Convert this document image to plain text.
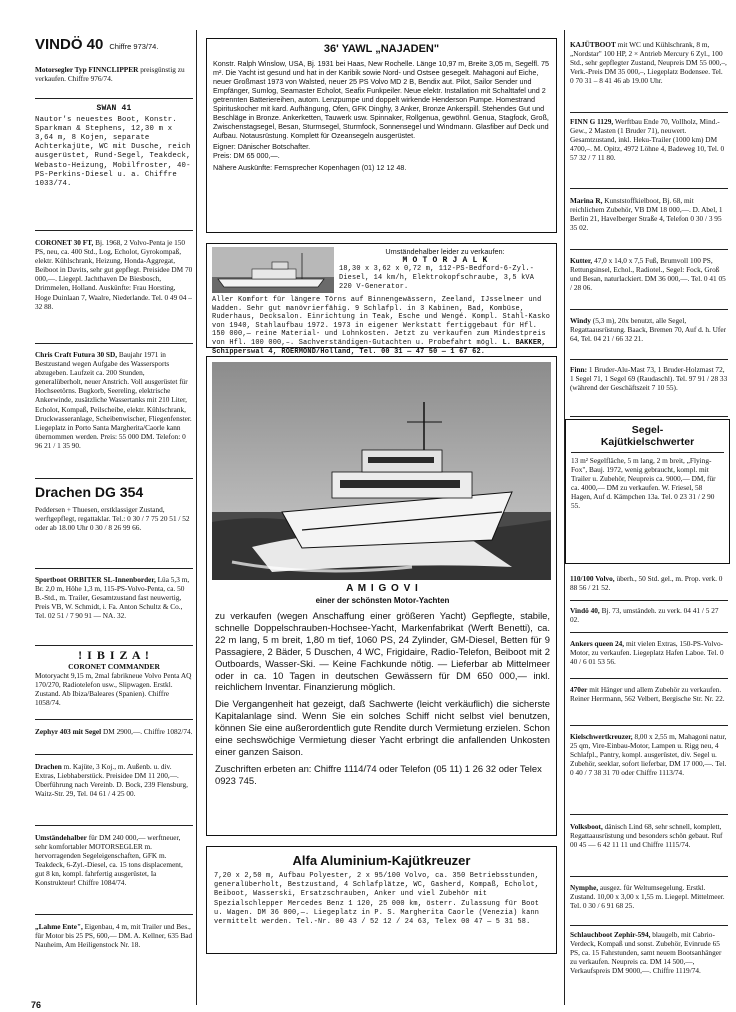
VINDÖ 40 Chiffre 973/74.

Motorsegler Typ FINNCLIPPER preisgünstig zu verkaufen. Chiffre 976/74.

SWAN 41

Nautor's neuestes Boot, Konstr. Sparkman & Stephens, 12,30 m x 3,64 m, 8 Kojen, separate Achterkajüte, WC mit Dusche, reich ausgerüstet, Rund-Segel, Teakdeck, Webasto-Heizung, Mobilfroster, 40-PS-Perkins-Diesel u. a. Chiffre 1033/74.

CORONET 30 FT, Bj. 1968, 2 Volvo-Penta je 150 PS, neu, ca. 400 Std., Log, Echolot, Gyrokompaß, elektr. Kühlschrank, Heizung, Honda-Aggregat, Beiboot in Davits, sehr gut gepflegt. Preisidee DM 70 000,—. Liegepl. Jachthaven De Biesbosch, Drimmelen, Holland. Auskünfte: Frau Horsting, Hoge Duinlaan 7, Waalre, Niederlande. Tel. 0 49 04 – 32 88.

Chris Craft Futura 30 SD, Baujahr 1971 in Bestzustand wegen Aufgabe des Wassersports abzugeben. Laufzeit ca. 200 Stunden, generalüberholt, neuer Anstrich. Voll ausgerüstet für Hochseetörns. Bugkorb, Seereling, elektrische Ankerwinde, zusätzliche Wassertanks mit 210 Liter, Echolot, Kompaß, Peilscheibe, elektr. Kühlschrank, Druckwasseranlage, Scheibenwischer, Fliegenfenster. Liegeplatz in Porto Santa Margherita/Caorle kann übernommen werden. Preis: 55 000 DM. Telefon: 0 96 21 / 1 35 90.

Drachen DG 354

Peddersen + Thuesen, erstklassiger Zustand, werftgepflegt, regattaklar. Tel.: 0 30 / 7 75 20 51 / 52 oder ab 18.00 Uhr 0 30 / 8 26 99 66.

Sportboot ORBITER SL-Innenborder, Lüa 5,3 m, Br. 2,0 m, Höhe 1,3 m, 115-PS-Volvo-Penta, ca. 50 B.-Std., m. Trailer, Gesamtzustand fast neuwertig, Preis VB, W. Schmidt, i. Fa. Anton Schultz & Co., Tel. 02 51 / 7 90 91 — NA. 32.

! I B I Z A !

CORONET COMMANDER

Motoryacht 9,15 m, 2mal fabrikneue Volvo Penta AQ 170/270, Radiotelefon usw., Slipwagen. Erstkl. Zustand. Ab Ibiza/Baleares (Spanien). Chiffre 1058/74.

Zephyr 403 mit Segel DM 2900,—. Chiffre 1082/74.

Drachen m. Kajüte, 3 Koj., m. Außenb. u. div. Extras, Liebhaberstück. Preisidee DM 11 200,—. Überführung nach Vereinb. D. Bock, 239 Flensburg, Waitz-Str. 29, Tel. 04 61 / 4 25 00.

Umständehalber für DM 240 000,— werftneuer, sehr komfortabler MOTORSEGLER m. hervorragenden Segeleigenschaften, GFK m. Teakdeck, 6-Zyl.-Diesel, ca. 15 tons displacement, gut 8 kn, kompl. fahrfertig ausgerüstet, Ia Konstrukteur! Chiffre 1084/74.

„Lahme Ente", Eigenbau, 4 m, mit Trailer und Bes., für Motor bis 25 PS, 600,— DM. A. Kellner, 635 Bad Nauheim, Am Heiligenstock Nr. 18.

76

36' YAWL „NAJADEN"

Konstr. Ralph Winslow, USA, Bj. 1931 bei Haas, New Rochelle. Länge 10,97 m, Breite 3,05 m, Segelfl. 75 m². Die Yacht ist gesund und hat in der Karibik sowie Nord- und Ostsee gesegelt. Mahagoni auf Eiche, neuer Großmast 1973 von Walsted, neuer 25 PS Volvo MD 2 B, Bendix aut. Pilot, Sailor Sender und Empfänger, Sumlog, Seamaster Echolot, Seafix Funkpeiler. Neue elektr. Installation mit Schalttafel und 2 getrennten Batteriereihen, autom. Lenzpumpe und doppelt wirkende Henderson Pumpe. Homestrand Spirituskocher mit kard. Aufhängung, Ofen, GFK Dinghy, 3 Anker, Bronze Ankerspill. Stehendes Gut und Beschläge in Bronze. Ankerketten, Tauwerk usw. Spinnaker, Rollgenua, gewöhnl. Genua, Stagfock, Groß, Zwischenstagsegel, Besan, Sturmsegel, Sturmfock, Sonnensegel und Windmann. Glasfiber auf Deck und Aufbau. Notausrüstung. Komplett für Ozeansegeln ausgerüstet.

Eigner: Dänischer Botschafter.

Preis: DM 65 000,—.

Nähere Auskünfte: Fernsprecher Kopenhagen (01) 12 12 48.

Umständehalber leider zu verkaufen:

M O T O R J A L K

18,30 x 3,62 x 0,72 m, 112-PS-Bedford-6-Zyl.-Diesel, 14 km/h, Elektrokopfschraube, 3,5 kVA 220 V-Generator.

Aller Komfort für längere Törns auf Binnengewässern, Zeeland, IJsselmeer und Wadden. Sehr gut manövrierfähig. 9 Schlafpl. in 3 Kabinen, Bad, Kombüse, Ruderhaus, Decksalon. Einrichtung in Teak, Esche und Wengé. Kompl. Stahl-Kasko von 1940, Stahlaufbau 1972. 1973 in eigener Werkstatt fertiggebaut für Hfl. 150 000,— reine Material- und Lohnkosten. Jetzt zu verkaufen zum Mindestpreis von Hfl. 100 000,–. Sachverständigen-Gutachten u. Probefahrt mögl. L. BAKKER, Schipperswal 4, ROERMOND/Holland, Tel. 00 31 — 47 50 — 1 67 62.

A M I G O V I

einer der schönsten Motor-Yachten

zu verkaufen (wegen Anschaffung einer größeren Yacht) Gepflegte, stabile, schnelle Doppelschrauben-Hochsee-Yacht, Markenfabrikat (Werft Benetti), ca. 22 m lang, 5 m breit, 1,80 m tief, 1060 PS, 24 Zylinder, GM-Diesel, Betten für 9 Passagiere, 2 Bäder, 5 Duschen, 4 WC, Frigidaire, Radio-Telefon, Beiboot mit 2 Outboards, Wasser-Ski. — Keine Fachkunde nötig. — Lieferbar ab Mittelmeer oder in ca. 10 Tagen in deutschen Gewässern für DM 650 000,— inkl. reichlichem Inventar. Finanzierung möglich.

Die Vergangenheit hat gezeigt, daß Sachwerte (leicht verkäuflich) die sicherste Kapitalanlage sind. Wenn Sie ein solches Schiff nicht selbst viel benutzen, können Sie eine außerordentlich gute Rendite durch Vermietung erzielen. Schon eine sechswöchige Vermietung dieser Yacht erbringt die anfallenden Unkosten einer ganzen Saison.

Zuschriften erbeten an: Chiffre 1114/74 oder Telefon (05 11) 1 26 32 oder Telex 0923 745.

Alfa Aluminium-Kajütkreuzer

7,20 x 2,50 m, Aufbau Polyester, 2 x 95/100 Volvo, ca. 350 Betriebsstunden, generalüberholt, Bestzustand, 4 Schlafplätze, WC, Gasherd, Kompaß, Echolot, Beiboot, Wasserski, Ersatzschrauben, Anker und viel Zubehör mit Spezialschlepper Mercedes Benz 1 120, 25 000 km, österr. Zulassung für Boot u. Wagen. DM 36 000,—. Liegeplatz in P. S. Margherita Caorle (Venezia) kann vermittelt werden. Tel.-Nr. 00 43 / 52 12 / 24 63, Telex 00 47 — 5 31 58.

KAJÜTBOOT mit WC und Kühlschrank, 8 m, „Nordstar" 100 HP, 2 × Antrieb Mercury 6 Zyl., 100 Std., sehr gepflegter Zustand, Neupreis DM 55 000,–, Verk.-Preis DM 35 000,–, Liegeplatz Bodensee. Tel. 0 70 31 – 8 41 46 ab 19.00 Uhr.

FINN G 1129, Werftbau Ende 70, Vollholz, Mind.-Gew., 2 Masten (1 Bruder 71), neuwert. Gesamtzustand, inkl. Heku-Trailer (1000 km) DM 4700,–. M. Opitz, 4972 Löhne 4, Badeweg 10, Tel. 0 57 32 / 7 11 80.

Marina R, Kunststoffkielboot, Bj. 68, mit reichlichem Zubehör, VB DM 18 000,—. D. Abel, 1 Berlin 21, Havelberger Straße 4, Telefon 0 30 / 3 95 35 02.

Kutter, 47,0 x 14,0 x 7,5 Fuß, Brumvoll 100 PS, Rettungsinsel, Echol., Radiotel., Segel: Fock, Groß und Besan, naturlackiert. DM 36 000,—. Tel. 0 41 05 / 28 06.

Windy (5,3 m), 20x benutzt, alle Segel, Regattaausrüstung. Baack, Bremen 70, Auf d. h. Ufer 64, Tel. 04 21 / 66 32 21.

Finn: 1 Bruder-Alu-Mast 73, 1 Bruder-Holzmast 72, 1 Segel 71, 1 Segel 69 (Raudaschl). Tel. 97 91 / 28 33 (während der Geschäftszeit 7 10 55).

Segel-

Kajütkielschwerter

13 m² Segelfläche, 5 m lang, 2 m breit, „Flying-Fox", Bauj. 1972, wenig gebraucht, kompl. mit Trailer u. Zubehör, Neupreis ca. 9000,— DM, für ca. 4000,— DM zu verkaufen. W. Friesel, 58 Hagen, Auf d. Kämpchen 13a. Tel. 0 23 31 / 2 90 55.

110/100 Volvo, überh., 50 Std. gel., m. Prop. verk. 0 88 56 / 21 52.

Vindö 40, Bj. 73, umständeh. zu verk. 04 41 / 5 27 02.

Ankers queen 24, mit vielen Extras, 150-PS-Volvo-Motor, zu verkaufen. Liegeplatz Hafen Laboe. Tel. 0 40 / 6 01 53 56.

470er mit Hänger und allem Zubehör zu verkaufen. Reiner Herrmann, 562 Velbert, Bergische Str. Nr. 22.

Kielschwertkreuzer, 8,00 x 2,55 m, Mahagoni natur, 25 qm, Vire-Einbau-Motor, Lampen u. Rigg neu, 4 Schlafpl., Pantry, kompl. ausgerüstet, div. Segel u. Zubehör, seeklar, sofort lieferbar, DM 17 000,—. Tel. 0 40 / 7 38 31 70 oder Chiffre 1113/74.

Volksboot, dänisch Lind 68, sehr schnell, komplett, Regattaausrüstung und besonders schön gebaut. Ruf 00 45 — 6 42 11 11 und Chiffre 1115/74.

Nymphe, ausgez. für Weltumsegelung. Erstkl. Zustand. 10,00 x 3,00 x 1,55 m. Liegepl. Mittelmeer. Tel. 0 30 / 6 91 68 25.

Schlauchboot Zephir-594, blaugelb, mit Cabrio-Verdeck, Kompaß und sonst. Zubehör, Evinrude 65 PS, ca. 15 Fahrstunden, samt neuem Bootsanhänger zu verkaufen. Neupreis ca. DM 14 500,—, Verkaufspreis DM 9000,—. Chiffre 1119/74.
